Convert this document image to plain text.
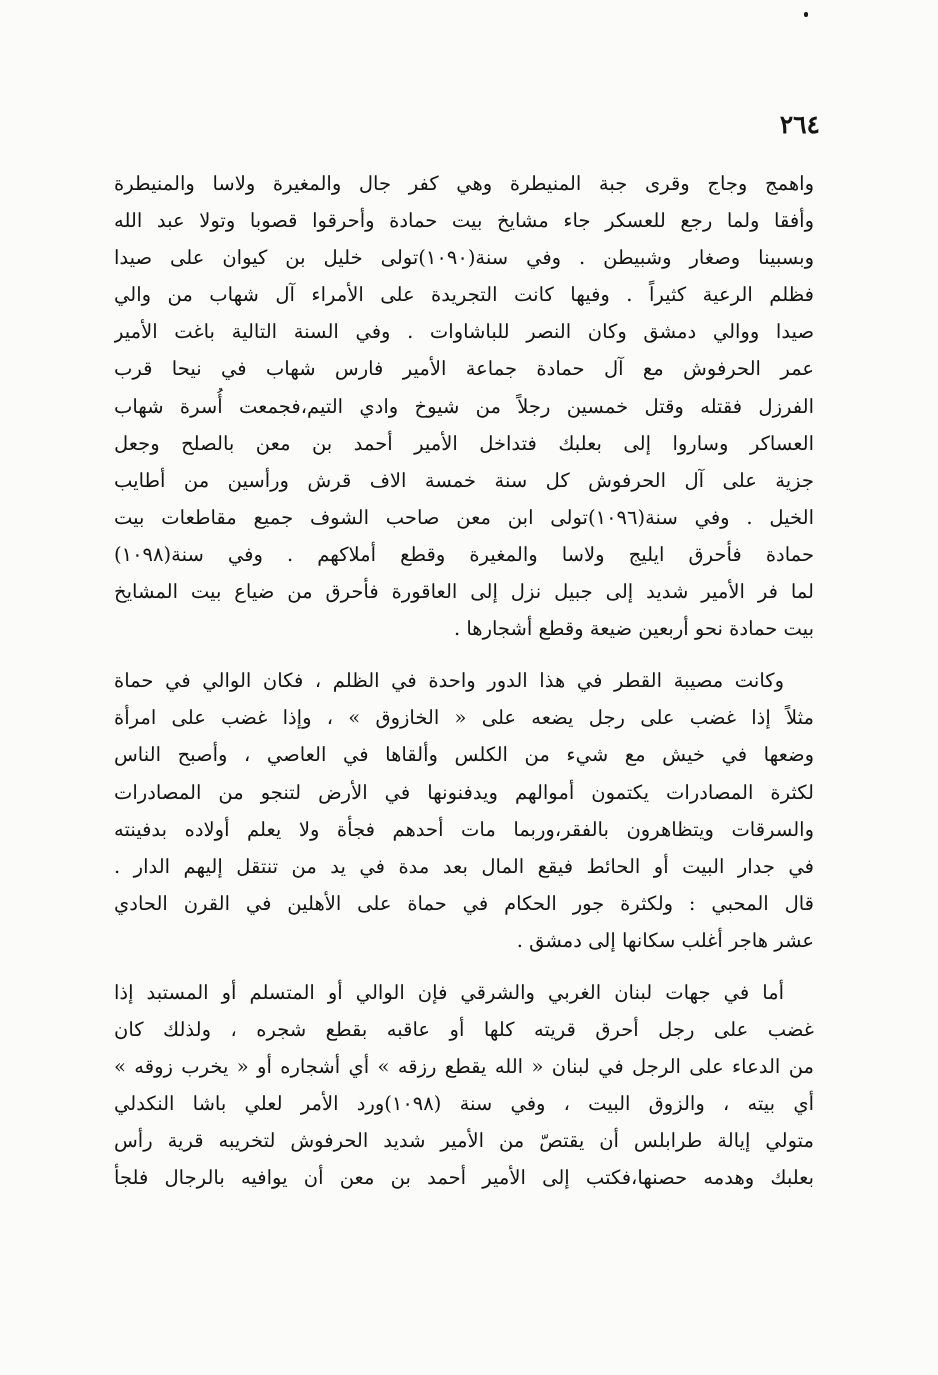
٢٦٤
واهمج وجاج وقرى جبة المنيطرة وهي كفر جال والمغيرة ولاسا والمنيطرة
وأفقا ولما رجع للعسكر جاء مشايخ بيت حمادة وأحرقوا قصوبا وتولا عبد الله
وبسبينا وصغار وشبيطن . وفي سنة(١٠٩٠)تولى خليل بن كيوان على صيدا
فظلم الرعية كثيراً . وفيها كانت التجريدة على الأمراء آل شهاب من والي
صيدا ووالي دمشق وكان النصر للباشاوات . وفي السنة التالية باغت الأمير
عمر الحرفوش مع آل حمادة جماعة الأمير فارس شهاب في نيحا قرب
الفرزل فقتله وقتل خمسين رجلاً من شيوخ وادي التيم،فجمعت أُسرة شهاب
العساكر وساروا إلى بعلبك فتداخل الأمير أحمد بن معن بالصلح وجعل
جزية على آل الحرفوش كل سنة خمسة الاف قرش ورأسين من أطايب
الخيل . وفي سنة(١٠٩٦)تولى ابن معن صاحب الشوف جميع مقاطعات بيت
حمادة فأحرق ايليج ولاسا والمغيرة وقطع أملاكهم . وفي سنة(١٠٩٨)
لما فر الأمير شديد إلى جبيل نزل إلى العاقورة فأحرق من ضياع بيت المشايخ
بيت حمادة نحو أربعين ضيعة وقطع أشجارها .
وكانت مصيبة القطر في هذا الدور واحدة في الظلم ، فكان الوالي في حماة
مثلاً إذا غضب على رجل يضعه على « الخازوق » ، وإذا غضب على امرأة
وضعها في خيش مع شيء من الكلس وألقاها في العاصي ، وأصبح الناس
لكثرة المصادرات يكتمون أموالهم ويدفنونها في الأرض لتنجو من المصادرات
والسرقات ويتظاهرون بالفقر،وربما مات أحدهم فجأة ولا يعلم أولاده بدفينته
في جدار البيت أو الحائط فيقع المال بعد مدة في يد من تنتقل إليهم الدار .
قال المحبي : ولكثرة جور الحكام في حماة على الأهلين في القرن الحادي
عشر هاجر أغلب سكانها إلى دمشق .
أما في جهات لبنان الغربي والشرقي فإن الوالي أو المتسلم أو المستبد إذا
غضب على رجل أحرق قريته كلها أو عاقبه بقطع شجره ، ولذلك كان
من الدعاء على الرجل في لبنان « الله يقطع رزقه » أي أشجاره أو « يخرب زوقه »
أي بيته ، والزوق البيت ، وفي سنة (١٠٩٨)ورد الأمر لعلي باشا النكدلي
متولي إيالة طرابلس أن يقتصّ من الأمير شديد الحرفوش لتخريبه قرية رأس
بعلبك وهدمه حصنها،فكتب إلى الأمير أحمد بن معن أن يوافيه بالرجال فلجأ
